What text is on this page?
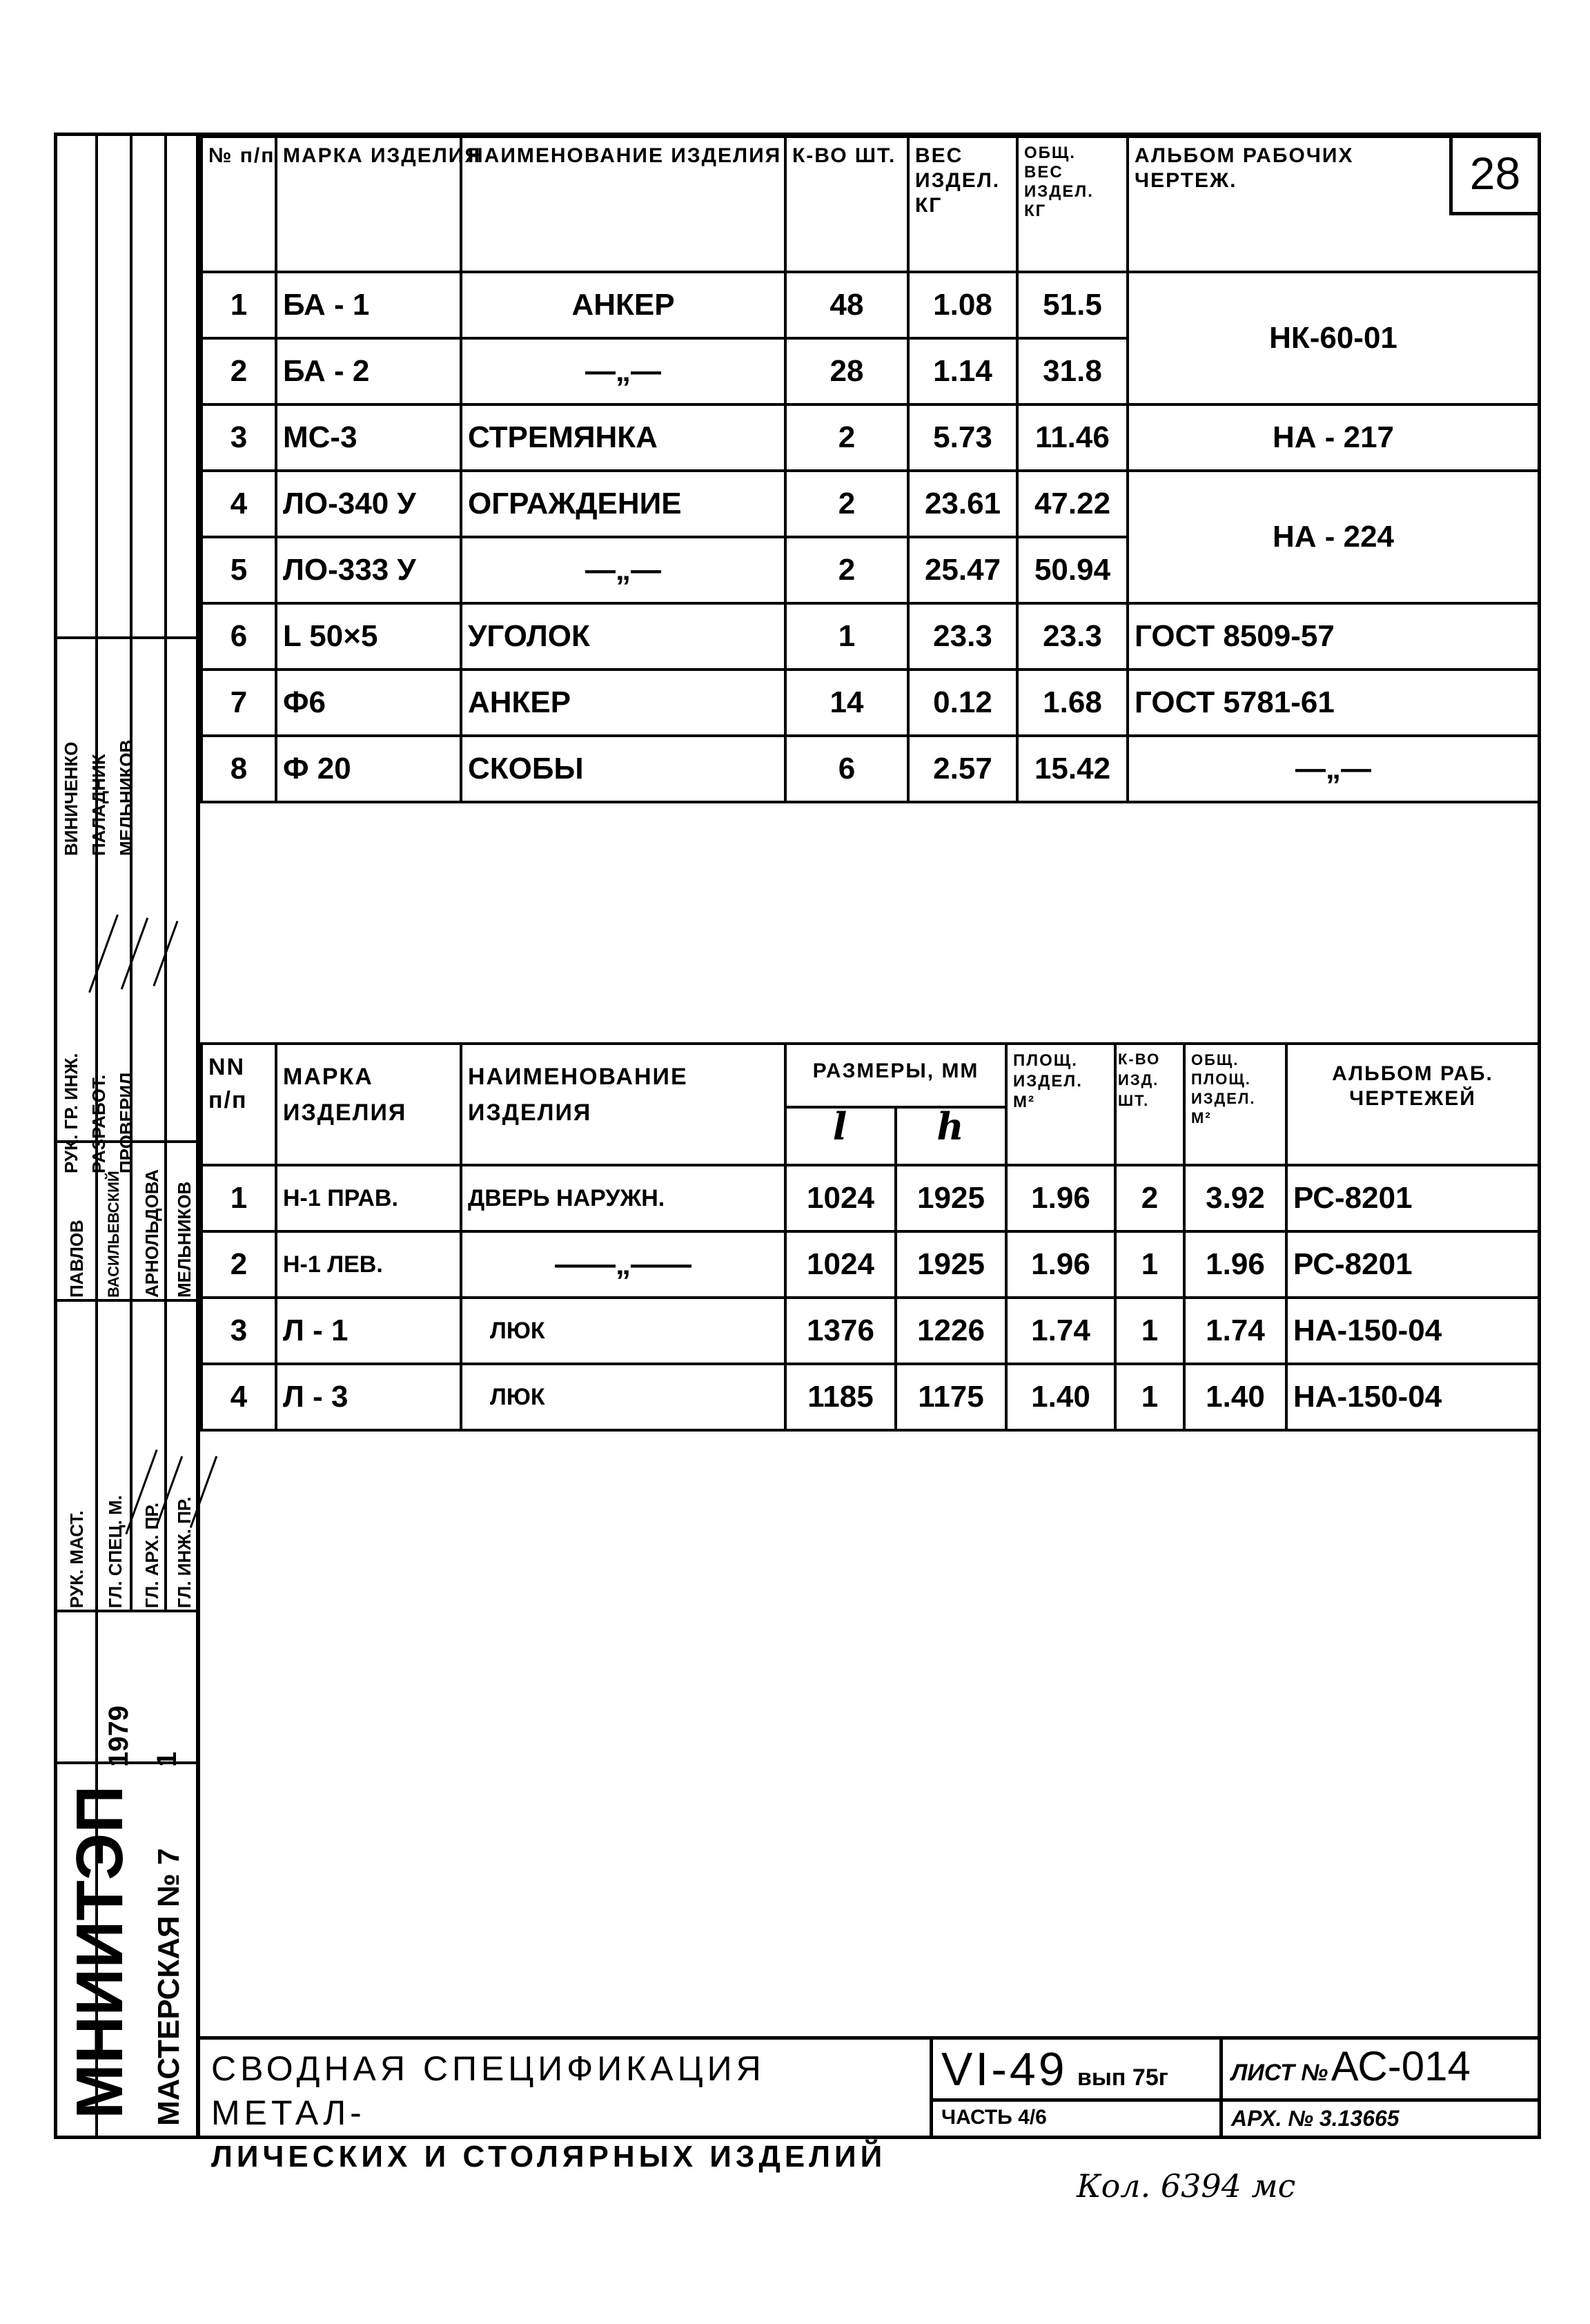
ПРОВЕРИЛ
РАЗРАБОТ.
РУК. ГР. ИНЖ.
МЕЛЬНИКОВ
ПАЛАДНИК
ВИНИЧЕНКО
ГЛ. ИНЖ. ПР.
ГЛ. АРХ. ПР.
ГЛ. СПЕЦ. М.
РУК. МАСТ.
МЕЛЬНИКОВ
АРНОЛЬДОВА
ВАСИЛЬЕВСКИЙ
ПАВЛОВ
1979 1
МНИИТЭП МАСТЕРСКАЯ № 7
28
№ п/п	МАРКА ИЗДЕЛИЯ	НАИМЕНОВАНИЕ ИЗДЕЛИЯ	К-ВО ШТ.	ВЕС ИЗДЕЛ. КГ	ОБЩ. ВЕС ИЗДЕЛ. КГ	АЛЬБОМ РАБОЧИХ ЧЕРТЕЖ.
1	БА - 1	АНКЕР	48	1.08	51.5	НК-60-01
2	БА - 2	—„—	28	1.14	31.8	
3	МС-3	СТРЕМЯНКА	2	5.73	11.46	НА - 217
4	ЛО-340 У	ОГРАЖДЕНИЕ	2	23.61	47.22	НА - 224
5	ЛО-333 У	—„—	2	25.47	50.94	
6	L 50×5	УГОЛОК	1	23.3	23.3	ГОСТ 8509-57
7	Ф6	АНКЕР	14	0.12	1.68	ГОСТ 5781-61
8	Ф 20	СКОБЫ	6	2.57	15.42	—„—
NN п/п	МАРКА ИЗДЕЛИЯ	НАИМЕНОВАНИЕ ИЗДЕЛИЯ	РАЗМЕРЫ, ММ		ПЛОЩ. ИЗДЕЛ. М²	К-ВО ИЗД. ШТ.	ОБЩ. ПЛОЩ. ИЗДЕЛ. М²	АЛЬБОМ РАБ. ЧЕРТЕЖЕЙ
			l	h				
1	Н-1 ПРАВ.	ДВЕРЬ НАРУЖН.	1024	1925	1.96	2	3.92	РС-8201
2	Н-1 ЛЕВ.	——„——	1024	1925	1.96	1	1.96	РС-8201
3	Л - 1	ЛЮК	1376	1226	1.74	1	1.74	НА-150-04
4	Л - 3	ЛЮК	1185	1175	1.40	1	1.40	НА-150-04
СВОДНАЯ СПЕЦИФИКАЦИЯ МЕТАЛ-
ЛИЧЕСКИХ И СТОЛЯРНЫХ ИЗДЕЛИЙ
VI-49 вып 75г
ЧАСТЬ 4/6
ЛИСТ № АС-014
АРХ. № 3.13665
Кол. 6394 мс
